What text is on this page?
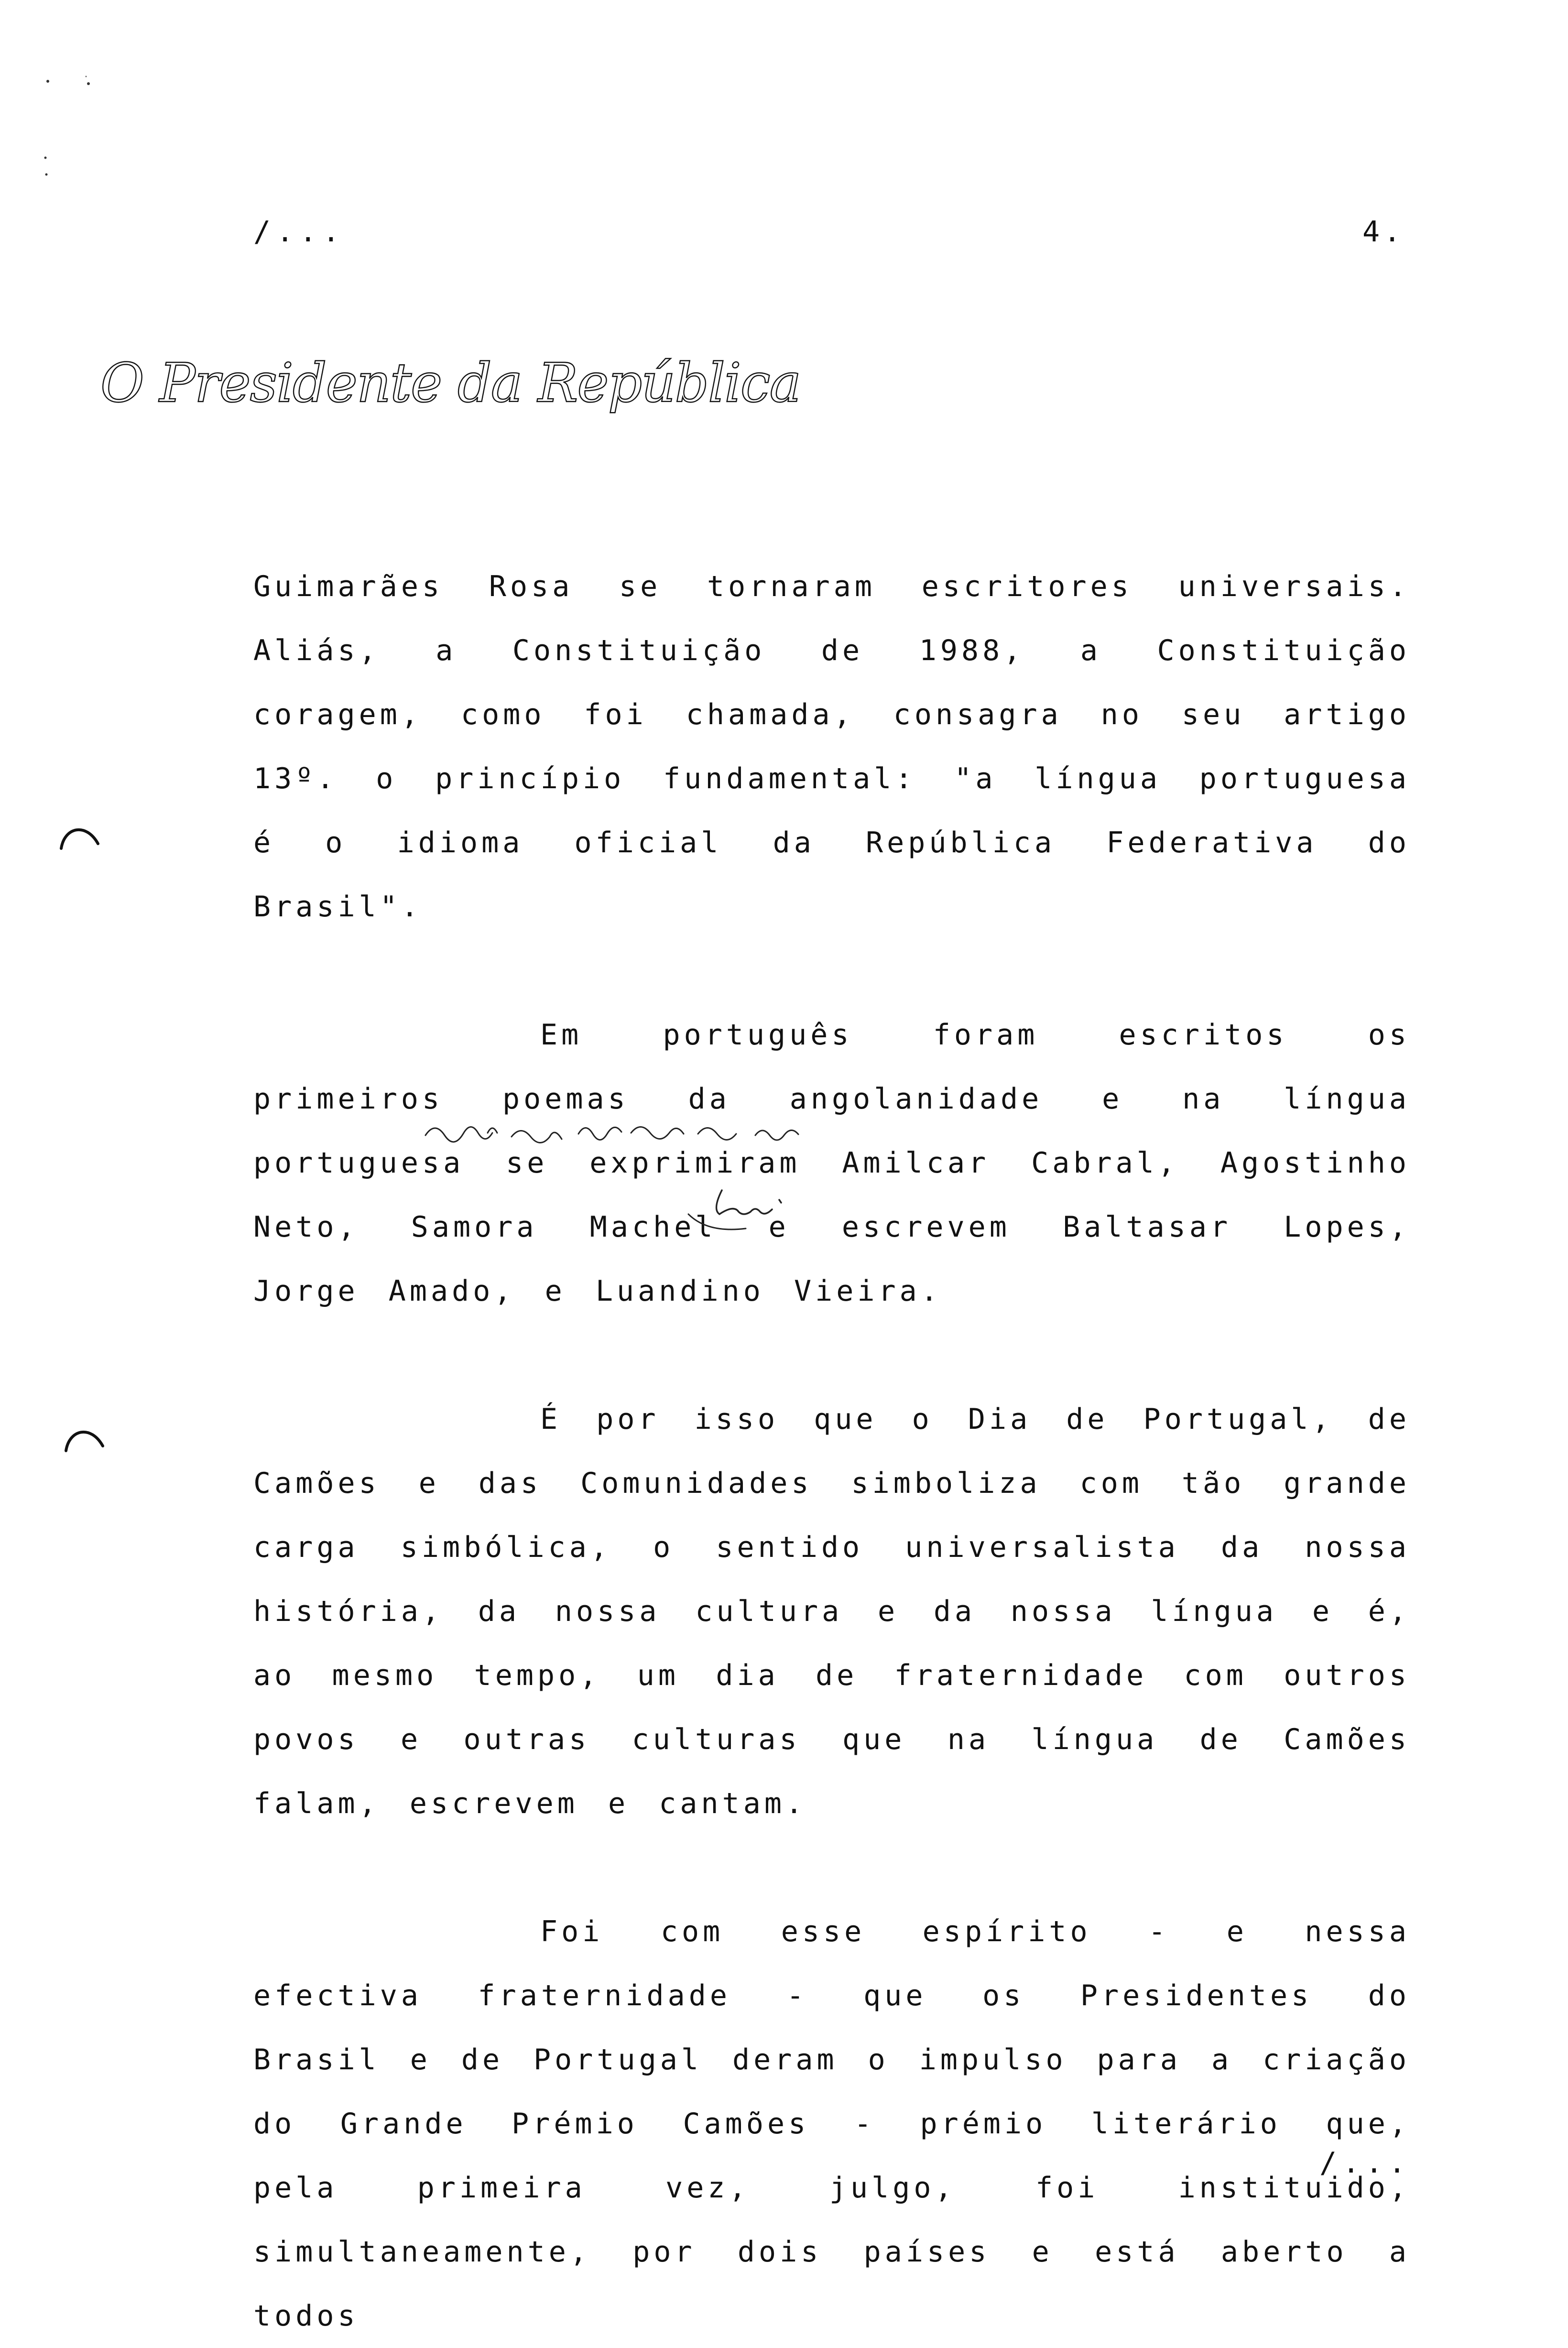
/...	4.
O Presidente da República

Guimarães Rosa se tornaram escritores universais. Aliás, a Constituição de 1988, a Constituição coragem, como foi chamada, consagra no seu artigo 13º. o princípio fundamental: "a língua portuguesa é o idioma oficial da República Federativa do Brasil".

Em português foram escritos os primeiros poemas da angolanidade e na língua portuguesa se exprimiram Amilcar Cabral, Agostinho Neto, Samora Machel e escrevem Baltasar Lopes, Jorge Amado, e Luandino Vieira.

É por isso que o Dia de Portugal, de Camões e das Comunidades simboliza com tão grande carga simbólica, o sentido universalista da nossa história, da nossa cultura e da nossa língua e é, ao mesmo tempo, um dia de fraternidade com outros povos e outras culturas que na língua de Camões falam, escrevem e cantam.

Foi com esse espírito - e nessa efectiva fraternidade - que os Presidentes do Brasil e de Portugal deram o impulso para a criação do Grande Prémio Camões - prémio literário que, pela primeira vez, julgo, foi instituido, simultaneamente, por dois países e está aberto a todos

/...
